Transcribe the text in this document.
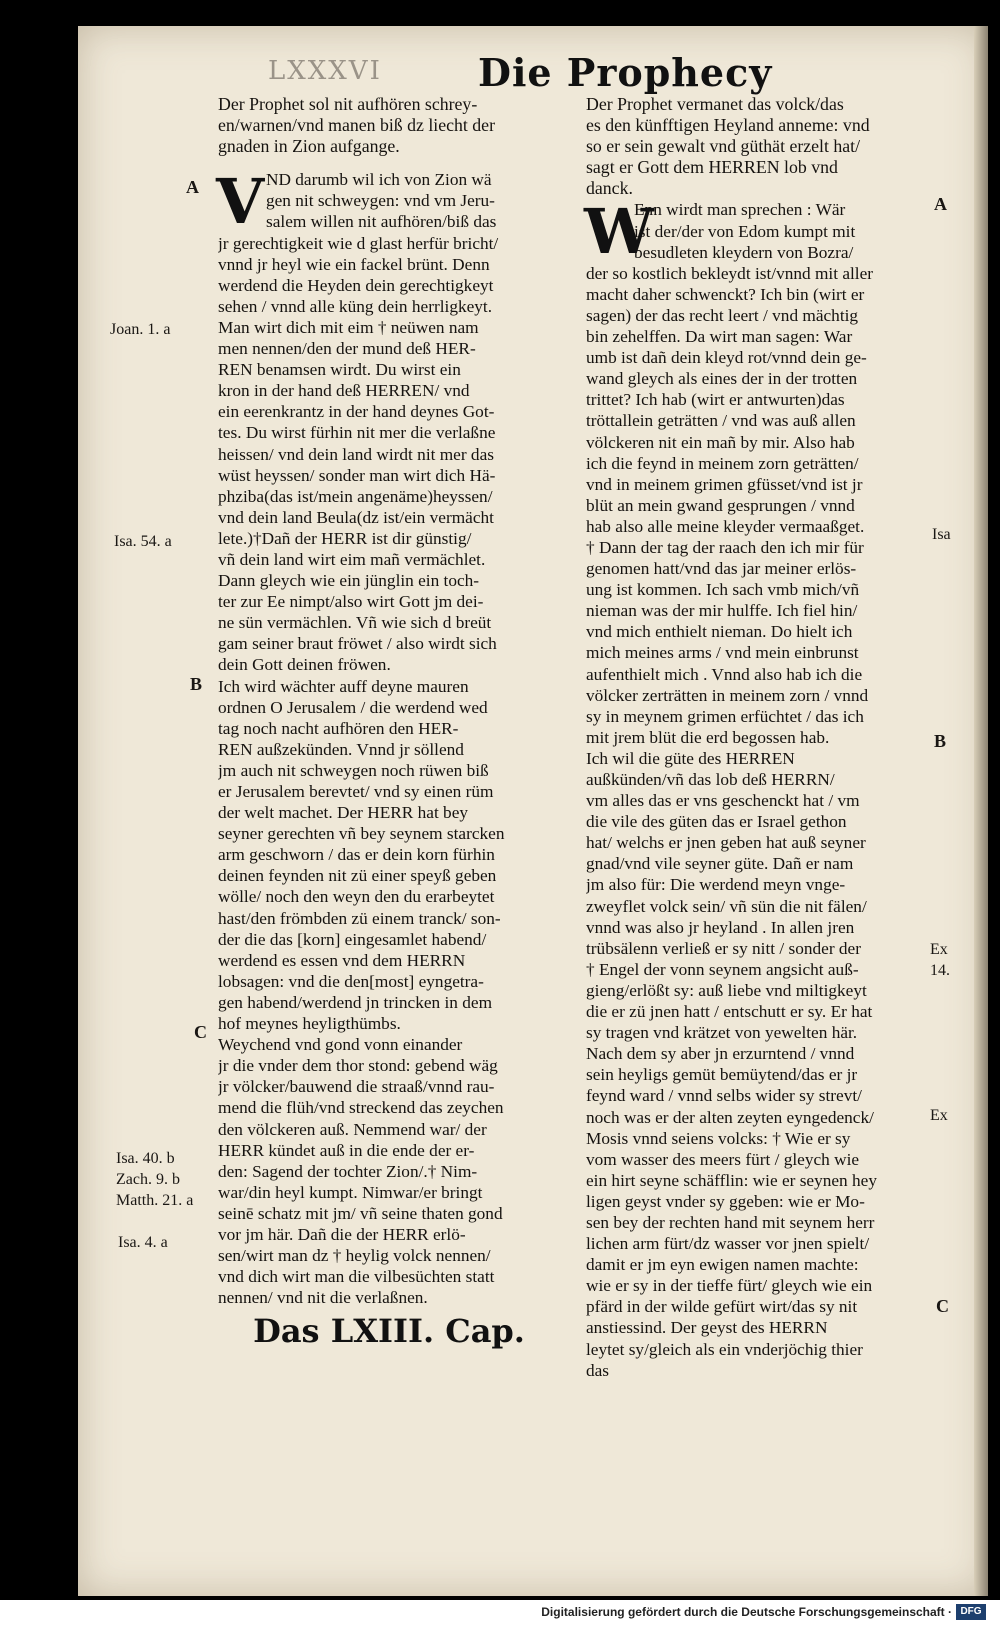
LXXXVI	Die Prophecy
A
Joan. 1. a
Isa. 54. a
B
C
Isa. 40. b
Zach. 9. b
Matth. 21. a
Isa. 4. a
A
Isa
B
Ex
14.
Ex
C
Der Prophet sol nit aufhören schrey-
en/warnen/vnd manen biß dz liecht der
gnaden in Zion aufgange.
V ND darumb wil ich von Zion wä
gen nit schweygen: vnd vm Jeru-
salem willen nit aufhören/biß das
jr gerechtigkeit wie d glast herfür bricht/
vnnd jr heyl wie ein fackel brünt. Denn
werdend die Heyden dein gerechtigkeyt
sehen / vnnd alle küng dein herrligkeyt.
Man wirt dich mit eim † neüwen nam
men nennen/den der mund deß HER-
REN benamsen wirdt. Du wirst ein
kron in der hand deß HERREN/ vnd
ein eerenkrantz in der hand deynes Got-
tes. Du wirst fürhin nit mer die verlaßne
heissen/ vnd dein land wirdt nit mer das
wüst heyssen/ sonder man wirt dich Hä-
phziba(das ist/mein angenäme)heyssen/
vnd dein land Beula(dz ist/ein vermächt
lete.)†Dañ der HERR ist dir günstig/
vñ dein land wirt eim mañ vermächlet.
Dann gleych wie ein jünglin ein toch-
ter zur Ee nimpt/also wirt Gott jm dei-
ne sün vermächlen. Vñ wie sich d breüt
gam seiner braut fröwet / also wirdt sich
dein Gott deinen fröwen.
Ich wird wächter auff deyne mauren
ordnen O Jerusalem / die werdend wed
tag noch nacht aufhören den HER-
REN außzekünden. Vnnd jr söllend
jm auch nit schweygen noch rüwen biß
er Jerusalem berevtet/ vnd sy einen rüm
der welt machet. Der HERR hat bey
seyner gerechten vñ bey seynem starcken
arm geschworn / das er dein korn fürhin
deinen feynden nit zü einer speyß geben
wölle/ noch den weyn den du erarbeytet
hast/den frömbden zü einem tranck/ son-
der die das [korn] eingesamlet habend/
werdend es essen vnd dem HERRN
lobsagen: vnd die den[most] eyngetra-
gen habend/werdend jn trincken in dem
hof meynes heyligthümbs.
Weychend vnd gond vonn einander
jr die vnder dem thor stond: gebend wäg
jr völcker/bauwend die straaß/vnnd rau-
mend die flüh/vnd streckend das zeychen
den völckeren auß. Nemmend war/ der
HERR kündet auß in die ende der er-
den: Sagend der tochter Zion/.† Nim-
war/din heyl kumpt. Nimwar/er bringt
seinē schatz mit jm/ vñ seine thaten gond
vor jm här. Dañ die der HERR erlö-
sen/wirt man dz † heylig volck nennen/
vnd dich wirt man die vilbesüchten statt
nennen/ vnd nit die verlaßnen.
Das LXIII. Cap.
Der Prophet vermanet das volck/das
es den künfftigen Heyland anneme: vnd
so er sein gewalt vnd güthät erzelt hat/
sagt er Gott dem HERREN lob vnd
danck.
W
Enn wirdt man sprechen : Wär
ist der/der von Edom kumpt mit
besudleten kleydern von Bozra/
der so kostlich bekleydt ist/vnnd mit aller
macht daher schwenckt? Ich bin (wirt er
sagen) der das recht leert / vnd mächtig
bin zehelffen. Da wirt man sagen: War
umb ist dañ dein kleyd rot/vnnd dein ge-
wand gleych als eines der in der trotten
trittet? Ich hab (wirt er antwurten)das
tröttallein geträtten / vnd was auß allen
völckeren nit ein mañ by mir. Also hab
ich die feynd in meinem zorn geträtten/
vnd in meinem grimen gfüsset/vnd ist jr
blüt an mein gwand gesprungen / vnnd
hab also alle meine kleyder vermaaßget.
† Dann der tag der raach den ich mir für
genomen hatt/vnd das jar meiner erlös-
ung ist kommen. Ich sach vmb mich/vñ
nieman was der mir hulffe. Ich fiel hin/
vnd mich enthielt nieman. Do hielt ich
mich meines arms / vnd mein einbrunst
aufenthielt mich . Vnnd also hab ich die
völcker zerträtten in meinem zorn / vnnd
sy in meynem grimen erfüchtet / das ich
mit jrem blüt die erd begossen hab.
Ich wil die güte des HERREN
außkünden/vñ das lob deß HERRN/
vm alles das er vns geschenckt hat / vm
die vile des güten das er Israel gethon
hat/ welchs er jnen geben hat auß seyner
gnad/vnd vile seyner güte. Dañ er nam
jm also für: Die werdend meyn vnge-
zweyflet volck sein/ vñ sün die nit fälen/
vnnd was also jr heyland . In allen jren
trübsälenn verließ er sy nitt / sonder der
† Engel der vonn seynem angsicht auß-
gieng/erlößt sy: auß liebe vnd miltigkeyt
die er zü jnen hatt / entschutt er sy. Er hat
sy tragen vnd krätzet von yewelten här.
Nach dem sy aber jn erzurntend / vnnd
sein heyligs gemüt bemüytend/das er jr
feynd ward / vnnd selbs wider sy strevt/
noch was er der alten zeyten eyngedenck/
Mosis vnnd seiens volcks: † Wie er sy
vom wasser des meers fürt / gleych wie
ein hirt seyne schäfflin: wie er seynen hey
ligen geyst vnder sy ggeben: wie er Mo-
sen bey der rechten hand mit seynem herr
lichen arm fürt/dz wasser vor jnen spielt/
damit er jm eyn ewigen namen machte:
wie er sy in der tieffe fürt/ gleych wie ein
pfärd in der wilde gefürt wirt/das sy nit
anstiessind. Der geyst des HERRN
leytet sy/gleich als ein vnderjöchig thier
das
Digitalisierung gefördert durch die Deutsche Forschungsgemeinschaft · DFG
